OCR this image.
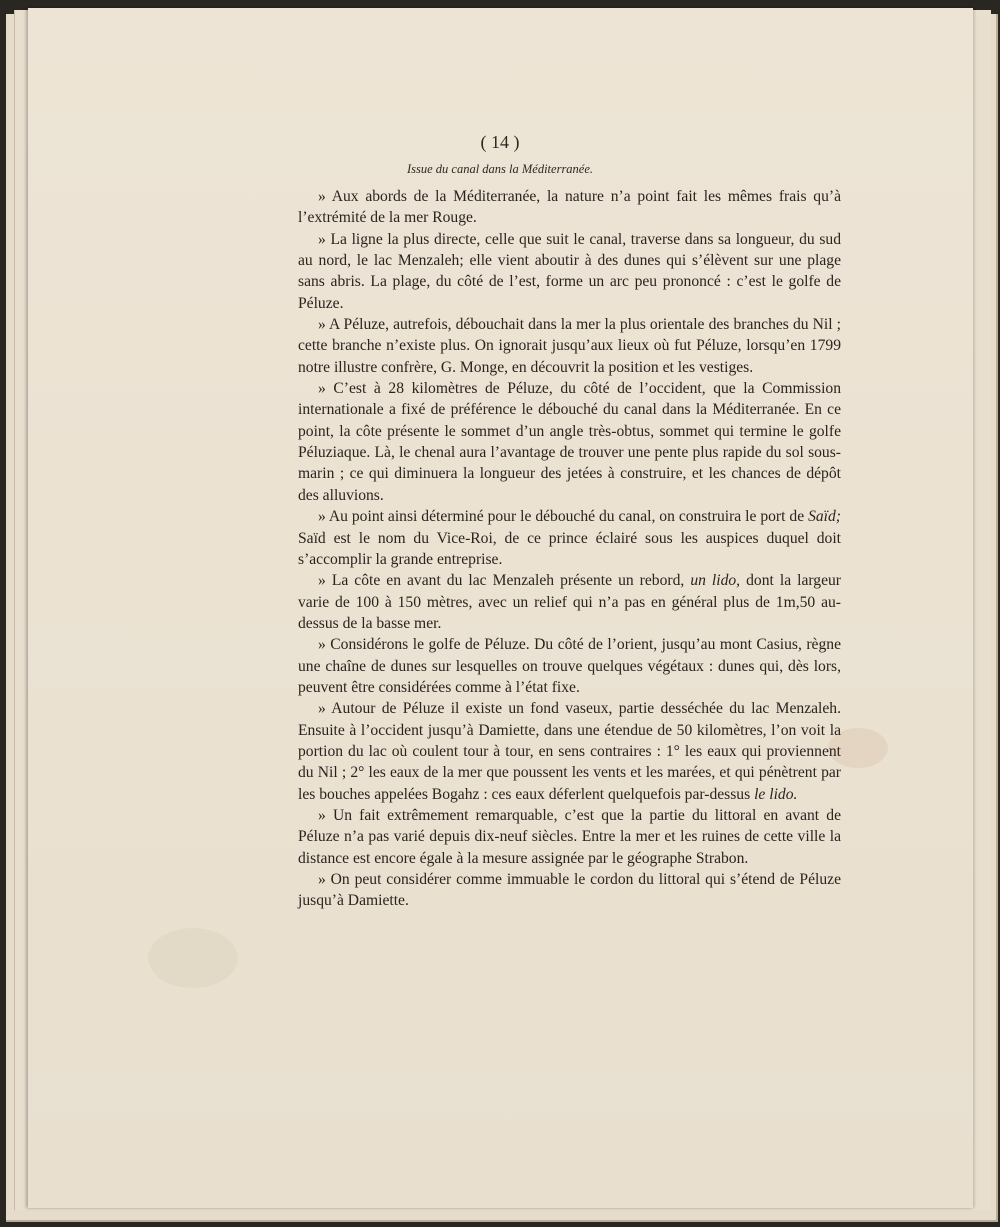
( 14 )
Issue du canal dans la Méditerranée.

» Aux abords de la Méditerranée, la nature n’a point fait les mêmes frais qu’à l’extrémité de la mer Rouge.

» La ligne la plus directe, celle que suit le canal, traverse dans sa longueur, du sud au nord, le lac Menzaleh; elle vient aboutir à des dunes qui s’élèvent sur une plage sans abris. La plage, du côté de l’est, forme un arc peu prononcé : c’est le golfe de Péluze.

» A Péluze, autrefois, débouchait dans la mer la plus orientale des branches du Nil ; cette branche n’existe plus. On ignorait jusqu’aux lieux où fut Péluze, lorsqu’en 1799 notre illustre confrère, G. Monge, en découvrit la position et les vestiges.

» C’est à 28 kilomètres de Péluze, du côté de l’occident, que la Commission internationale a fixé de préférence le débouché du canal dans la Méditerranée. En ce point, la côte présente le sommet d’un angle très-obtus, sommet qui termine le golfe Péluziaque. Là, le chenal aura l’avantage de trouver une pente plus rapide du sol sous-marin ; ce qui diminuera la longueur des jetées à construire, et les chances de dépôt des alluvions.

» Au point ainsi déterminé pour le débouché du canal, on construira le port de Saïd; Saïd est le nom du Vice-Roi, de ce prince éclairé sous les auspices duquel doit s’accomplir la grande entreprise.

» La côte en avant du lac Menzaleh présente un rebord, un lido, dont la largeur varie de 100 à 150 mètres, avec un relief qui n’a pas en général plus de 1m,50 au-dessus de la basse mer.

» Considérons le golfe de Péluze. Du côté de l’orient, jusqu’au mont Casius, règne une chaîne de dunes sur lesquelles on trouve quelques végétaux : dunes qui, dès lors, peuvent être considérées comme à l’état fixe.

» Autour de Péluze il existe un fond vaseux, partie desséchée du lac Menzaleh. Ensuite à l’occident jusqu’à Damiette, dans une étendue de 50 kilomètres, l’on voit la portion du lac où coulent tour à tour, en sens contraires : 1° les eaux qui proviennent du Nil ; 2° les eaux de la mer que poussent les vents et les marées, et qui pénètrent par les bouches appelées Bogahz : ces eaux déferlent quelquefois par-dessus le lido.

» Un fait extrêmement remarquable, c’est que la partie du littoral en avant de Péluze n’a pas varié depuis dix-neuf siècles. Entre la mer et les ruines de cette ville la distance est encore égale à la mesure assignée par le géographe Strabon.

» On peut considérer comme immuable le cordon du littoral qui s’étend de Péluze jusqu’à Damiette.
